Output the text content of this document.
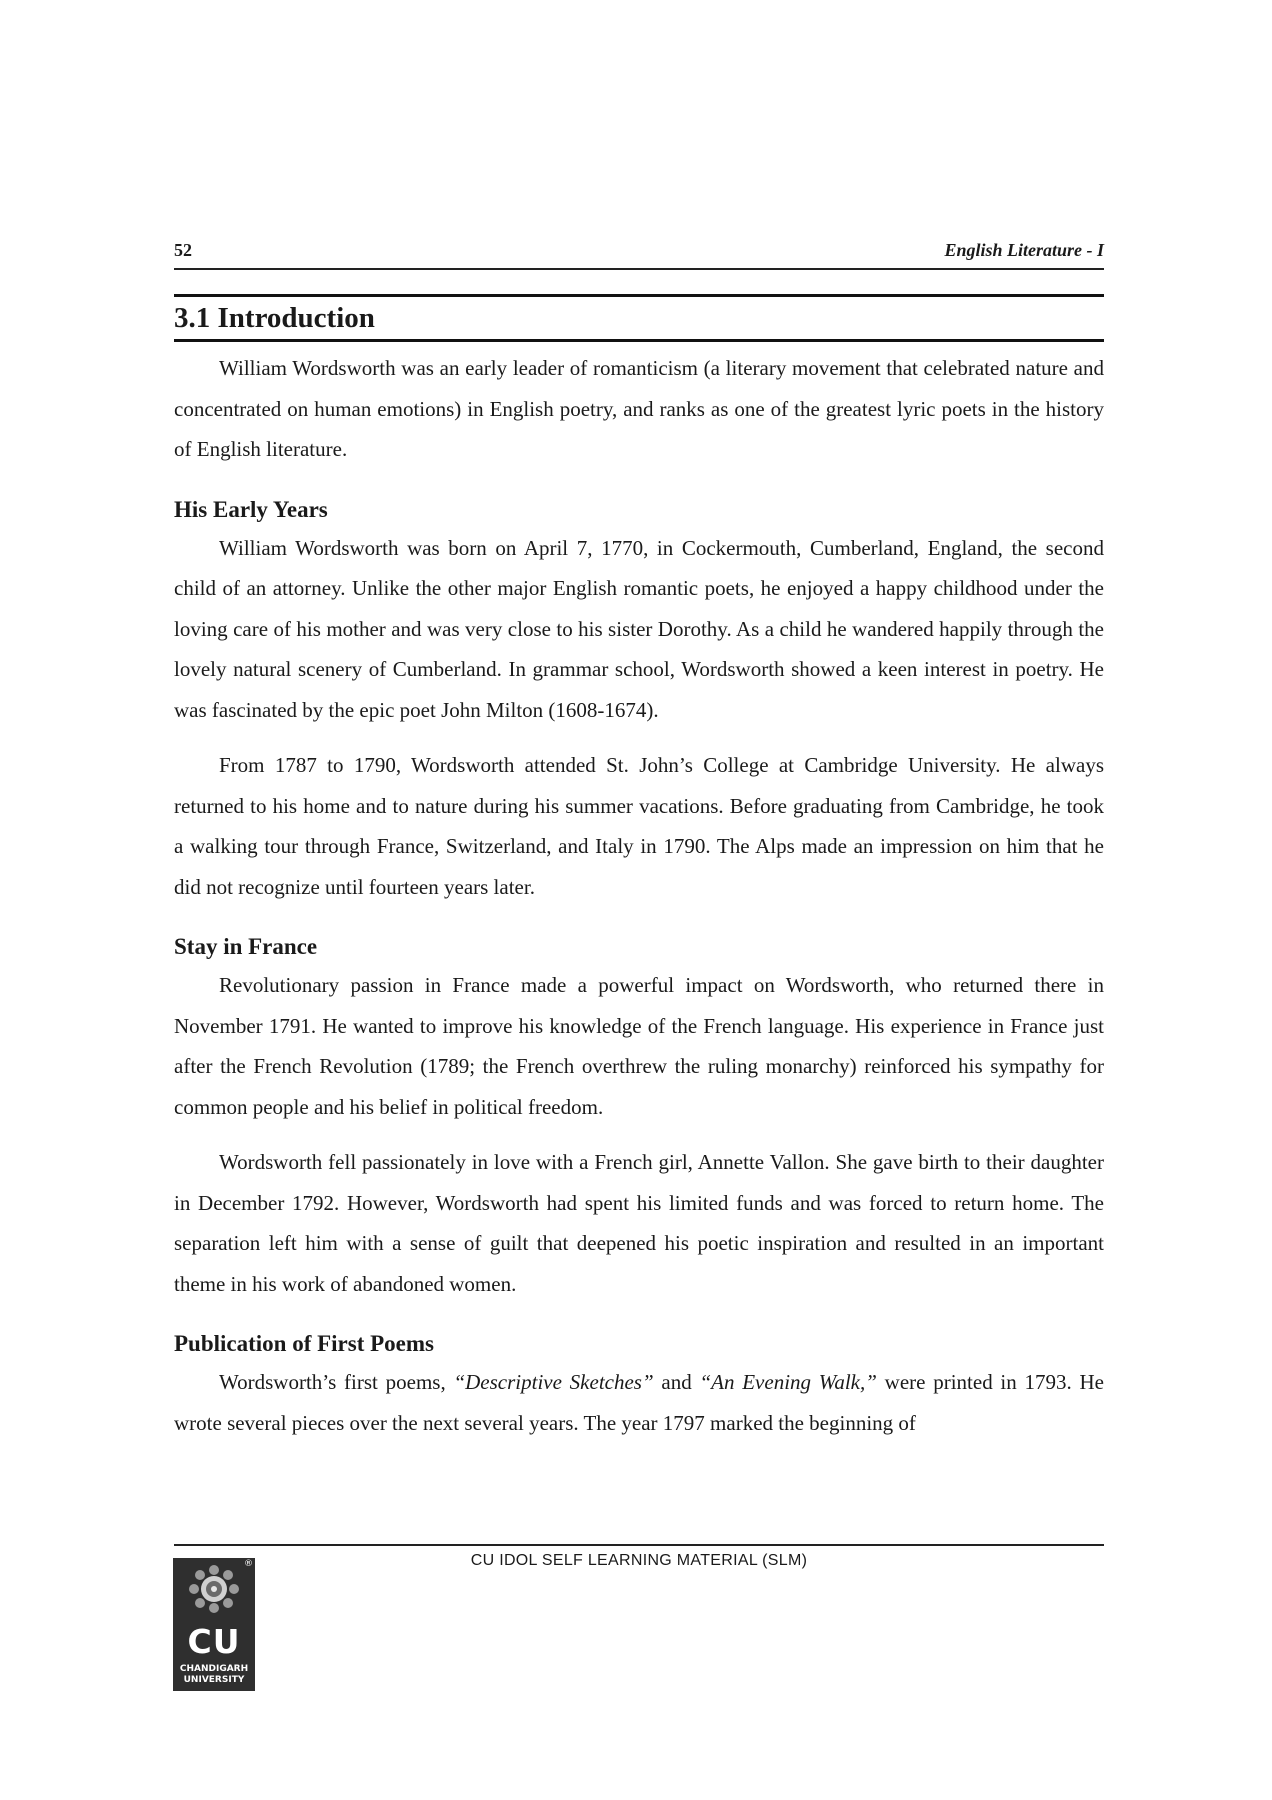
52	English Literature - I
3.1 Introduction

William Wordsworth was an early leader of romanticism (a literary movement that celebrated nature and concentrated on human emotions) in English poetry, and ranks as one of the greatest lyric poets in the history of English literature.

His Early Years

William Wordsworth was born on April 7, 1770, in Cockermouth, Cumberland, England, the second child of an attorney. Unlike the other major English romantic poets, he enjoyed a happy childhood under the loving care of his mother and was very close to his sister Dorothy. As a child he wandered happily through the lovely natural scenery of Cumberland. In grammar school, Wordsworth showed a keen interest in poetry. He was fascinated by the epic poet John Milton (1608-1674).

From 1787 to 1790, Wordsworth attended St. John’s College at Cambridge University. He always returned to his home and to nature during his summer vacations. Before graduating from Cambridge, he took a walking tour through France, Switzerland, and Italy in 1790. The Alps made an impression on him that he did not recognize until fourteen years later.

Stay in France

Revolutionary passion in France made a powerful impact on Wordsworth, who returned there in November 1791. He wanted to improve his knowledge of the French language. His experience in France just after the French Revolution (1789; the French overthrew the ruling monarchy) reinforced his sympathy for common people and his belief in political freedom.

Wordsworth fell passionately in love with a French girl, Annette Vallon. She gave birth to their daughter in December 1792. However, Wordsworth had spent his limited funds and was forced to return home. The separation left him with a sense of guilt that deepened his poetic inspiration and resulted in an important theme in his work of abandoned women.

Publication of First Poems

Wordsworth’s first poems, “Descriptive Sketches” and “An Evening Walk,” were printed in 1793. He wrote several pieces over the next several years. The year 1797 marked the beginning of

CU IDOL SELF LEARNING MATERIAL (SLM)
®
CU
CHANDIGARH
UNIVERSITY
